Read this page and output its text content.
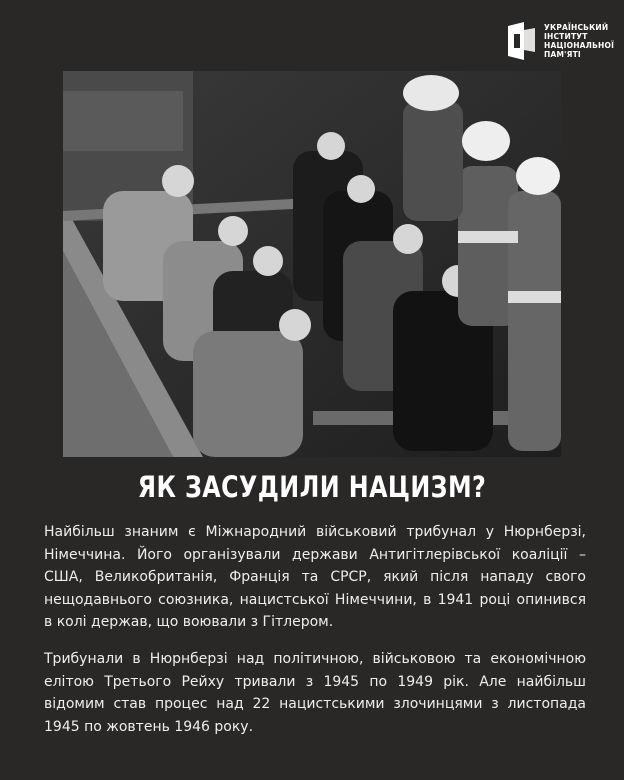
УКРАЇНСЬКИЙ
ІНСТИТУТ
НАЦІОНАЛЬНОЇ
ПАМ'ЯТІ
ЯК ЗАСУДИЛИ НАЦИЗМ?

Найбільш знаним є Міжнародний військовий трибунал у Нюрнберзі, Німеччина. Його організували держави Антигітлерівської коаліції – США, Великобританія, Франція та СРСР, який після нападу свого нещодавнього союзника, нацистської Німеччини, в 1941 році опинився в колі держав, що воювали з Гітлером.

Трибунали в Нюрнберзі над політичною, військовою та економічною елітою Третього Рейху тривали з 1945 по 1949 рік. Але найбільш відомим став процес над 22 нацистськими злочинцями з листопада 1945 по жовтень 1946 року.
